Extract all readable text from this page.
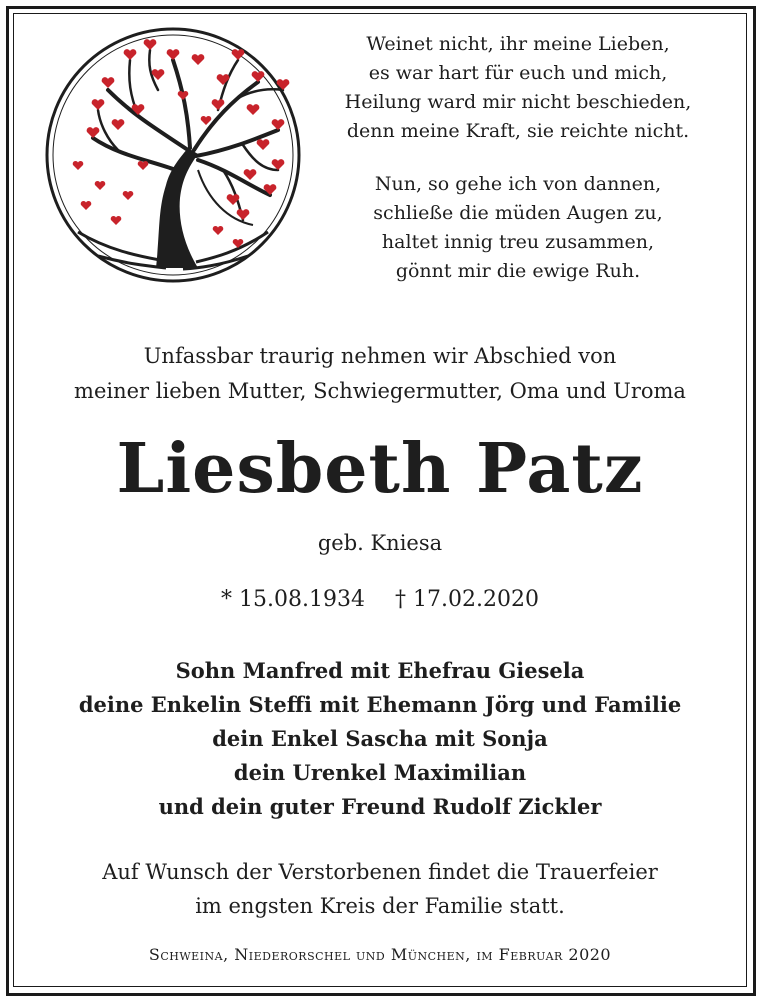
Weinet nicht, ihr meine Lieben,
es war hart für euch und mich,
Heilung ward mir nicht beschieden,
denn meine Kraft, sie reichte nicht.
Nun, so gehe ich von dannen,
schließe die müden Augen zu,
haltet innig treu zusammen,
gönnt mir die ewige Ruh.
Unfassbar traurig nehmen wir Abschied von
meiner lieben Mutter, Schwiegermutter, Oma und Uroma
Liesbeth Patz
geb. Kniesa
* 15.08.1934 † 17.02.2020
Sohn Manfred mit Ehefrau Giesela
deine Enkelin Steffi mit Ehemann Jörg und Familie
dein Enkel Sascha mit Sonja
dein Urenkel Maximilian
und dein guter Freund Rudolf Zickler
Auf Wunsch der Verstorbenen findet die Trauerfeier
im engsten Kreis der Familie statt.
Schweina, Niederorschel und München, im Februar 2020
